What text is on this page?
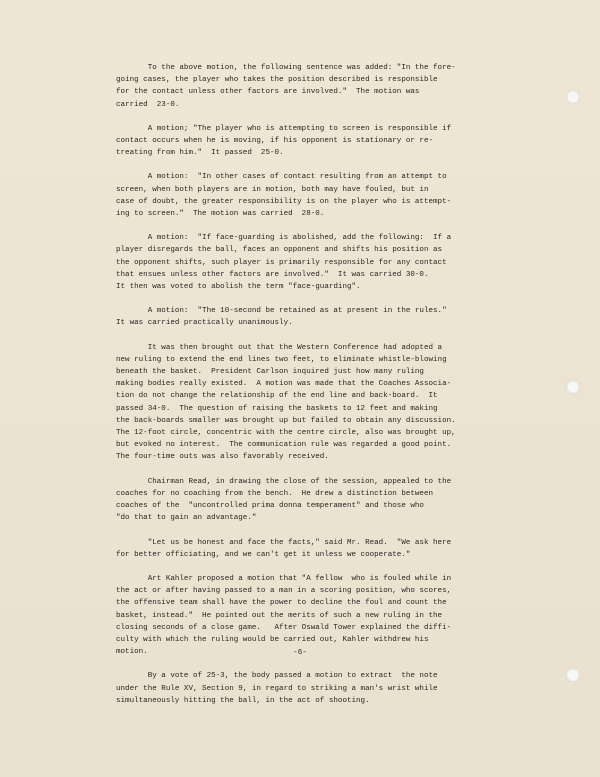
To the above motion, the following sentence was added: "In the fore-
going cases, the player who takes the position described is responsible
for the contact unless other factors are involved."  The motion was
carried  23-0.

A motion; "The player who is attempting to screen is responsible if
contact occurs when he is moving, if his opponent is stationary or re-
treating from him."  It passed  25-0.

A motion:  "In other cases of contact resulting from an attempt to
screen, when both players are in motion, both may have fouled, but in
case of doubt, the greater responsibility is on the player who is attempt-
ing to screen."  The motion was carried  28-0.

A motion:  "If face-guarding is abolished, add the following:  If a
player disregards the ball, faces an opponent and shifts his position as
the opponent shifts, such player is primarily responsible for any contact
that ensues unless other factors are involved."  It was carried 30-0.
It then was voted to abolish the term "face-guarding".

A motion:  "The 10-second be retained as at present in the rules."
It was carried practically unanimously.

It was then brought out that the Western Conference had adopted a
new ruling to extend the end lines two feet, to eliminate whistle-blowing
beneath the basket.  President Carlson inquired just how many ruling
making bodies really existed.  A motion was made that the Coaches Associa-
tion do not change the relationship of the end line and back-board.  It
passed 34-0.  The question of raising the baskets to 12 feet and making
the back-boards smaller was brought up but failed to obtain any discussion.
The 12-foot circle, concentric with the centre circle, also was brought up,
but evoked no interest.  The communication rule was regarded a good point.
The four-time outs was also favorably received.

Chairman Read, in drawing the close of the session, appealed to the
coaches for no coaching from the bench.  He drew a distinction between
coaches of the  "uncontrolled prima donna temperament" and those who
"do that to gain an advantage."

"Let us be honest and face the facts," said Mr. Read.  "We ask here
for better officiating, and we can't get it unless we cooperate."

Art Kahler proposed a motion that "A fellow  who is fouled while in
the act or after having passed to a man in a scoring position, who scores,
the offensive team shall have the power to decline the foul and count the
basket, instead."  He pointed out the merits of such a new ruling in the
closing seconds of a close game.   After Oswald Tower explained the diffi-
culty with which the ruling would be carried out, Kahler withdrew his
motion.

By a vote of 25-3, the body passed a motion to extract  the note
under the Rule XV, Section 9, in regard to striking a man's wrist while
simultaneously hitting the ball, in the act of shooting.

-6-
